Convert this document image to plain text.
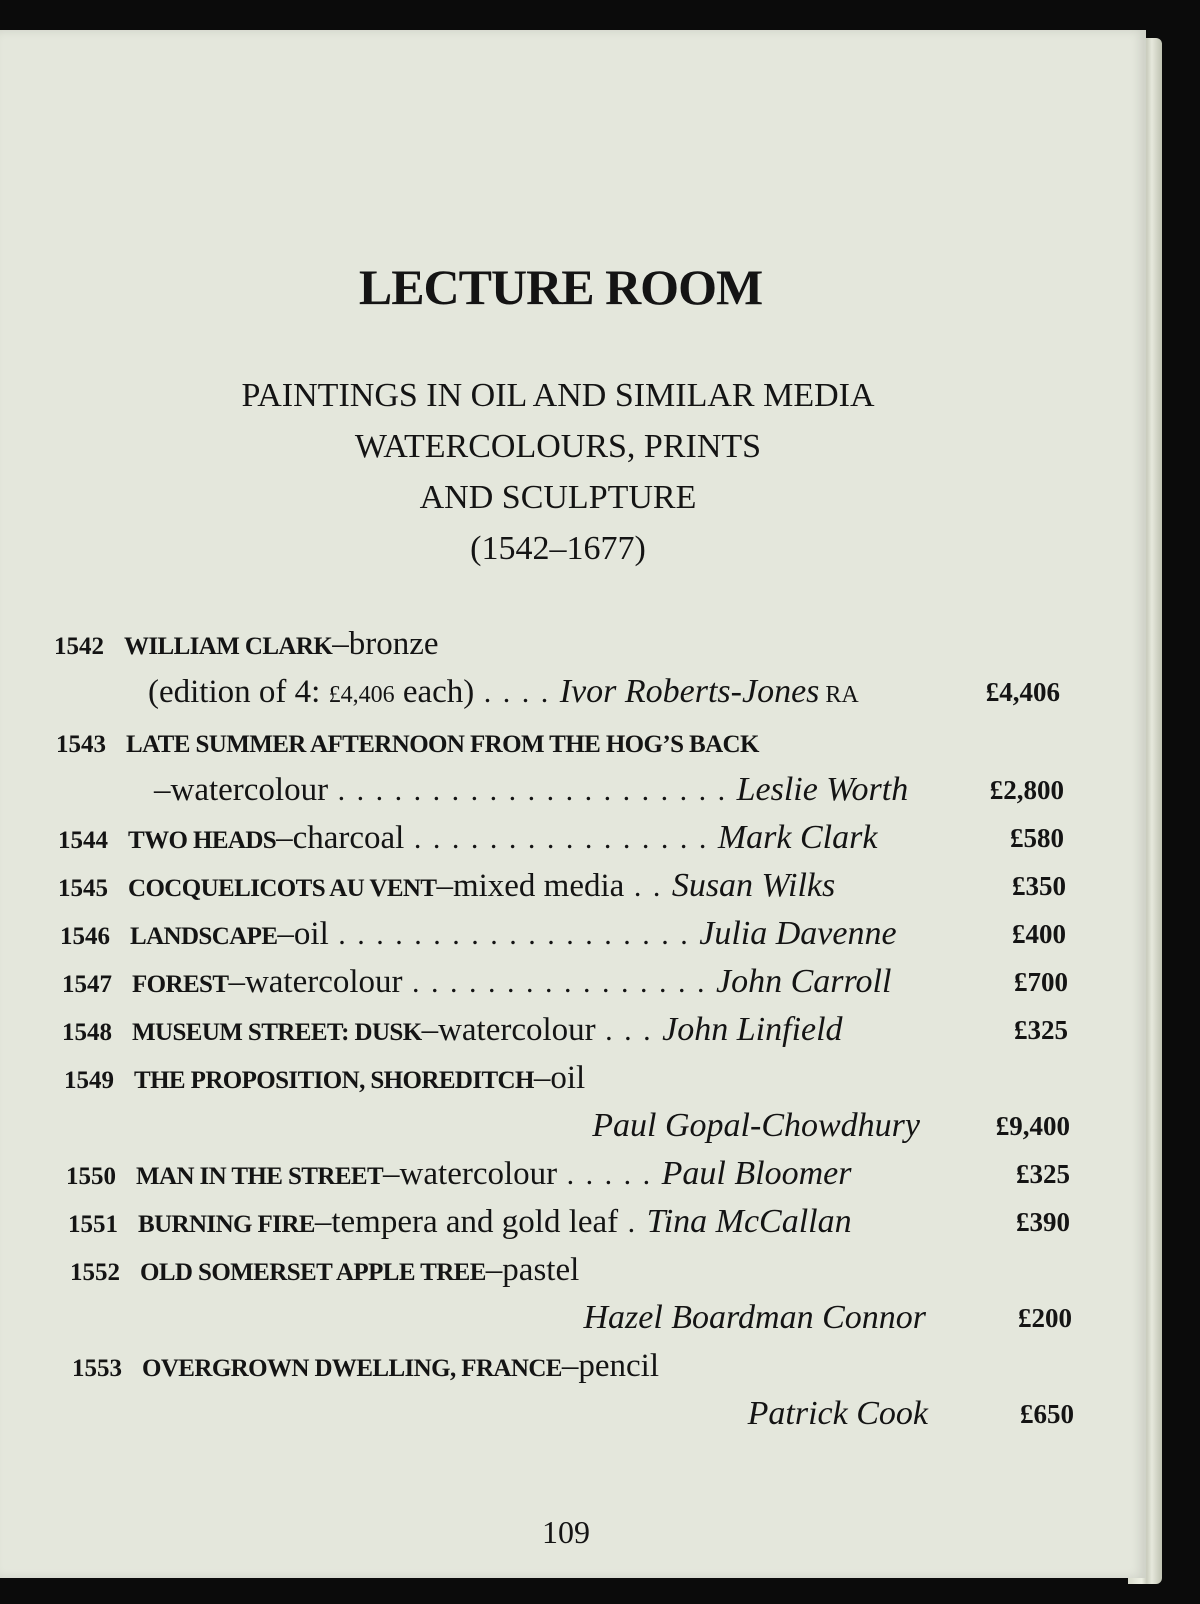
LECTURE ROOM
PAINTINGS IN OIL AND SIMILAR MEDIA
WATERCOLOURS, PRINTS
AND SCULPTURE
(1542–1677)
1542 WILLIAM CLARK–bronze
(edition of 4: £4,406 each) . . . . Ivor Roberts-Jones RA	£4,406
1543 LATE SUMMER AFTERNOON FROM THE HOG’S BACK
–watercolour . . . . . . . . . . . . . . . . . . . . . Leslie Worth	£2,800
1544 TWO HEADS–charcoal . . . . . . . . . . . . . . . . Mark Clark	£580
1545 COCQUELICOTS AU VENT–mixed media . . Susan Wilks	£350
1546 LANDSCAPE–oil . . . . . . . . . . . . . . . . . . . Julia Davenne	£400
1547 FOREST–watercolour . . . . . . . . . . . . . . . . John Carroll	£700
1548 MUSEUM STREET: DUSK–watercolour . . . John Linfield	£325
1549 THE PROPOSITION, SHOREDITCH–oil
Paul Gopal-Chowdhury	£9,400
1550 MAN IN THE STREET–watercolour . . . . . Paul Bloomer	£325
1551 BURNING FIRE–tempera and gold leaf . Tina McCallan	£390
1552 OLD SOMERSET APPLE TREE–pastel
Hazel Boardman Connor	£200
1553 OVERGROWN DWELLING, FRANCE–pencil
Patrick Cook	£650
109
